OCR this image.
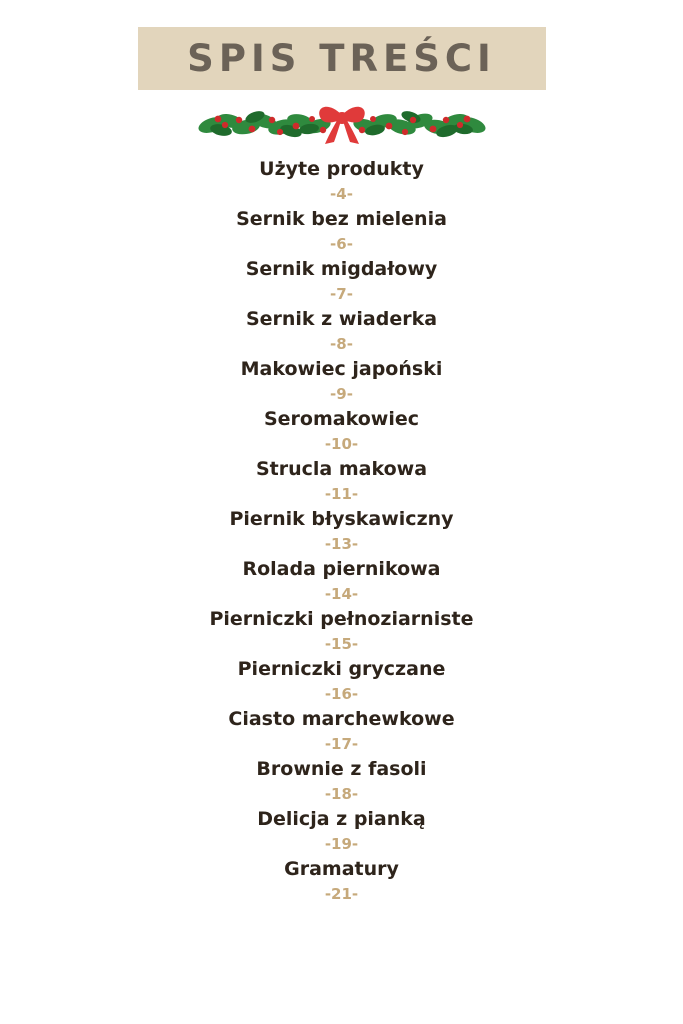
SPIS TREŚCI
Użyte produkty
-4-
Sernik bez mielenia
-6-
Sernik migdałowy
-7-
Sernik z wiaderka
-8-
Makowiec japoński
-9-
Seromakowiec
-10-
Strucla makowa
-11-
Piernik błyskawiczny
-13-
Rolada piernikowa
-14-
Pierniczki pełnoziarniste
-15-
Pierniczki gryczane
-16-
Ciasto marchewkowe
-17-
Brownie z fasoli
-18-
Delicja z pianką
-19-
Gramatury
-21-
